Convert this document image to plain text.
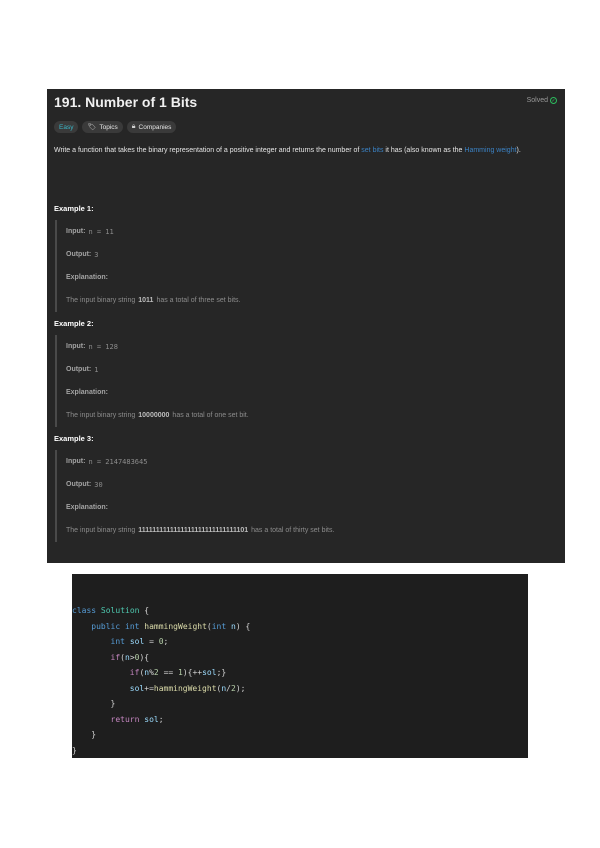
191. Number of 1 Bits	Solved ✓
Easy 🏷︎ Topics 🔒︎ Companies
Write a function that takes the binary representation of a positive integer and returns the number of set bits it has (also known as the Hamming weight).
Example 1:
Input: n = 11
Output: 3
Explanation:
The input binary string 1011 has a total of three set bits.
Example 2:
Input: n = 128
Output: 1
Explanation:
The input binary string 10000000 has a total of one set bit.
Example 3:
Input: n = 2147483645
Output: 30
Explanation:
The input binary string 1111111111111111111111111111101 has a total of thirty set bits.
class Solution {
public int hammingWeight(int n) {
int sol = 0;
if(n>0){
if(n%2 == 1){++sol;}
sol+=hammingWeight(n/2);
}
return sol;
}
}
